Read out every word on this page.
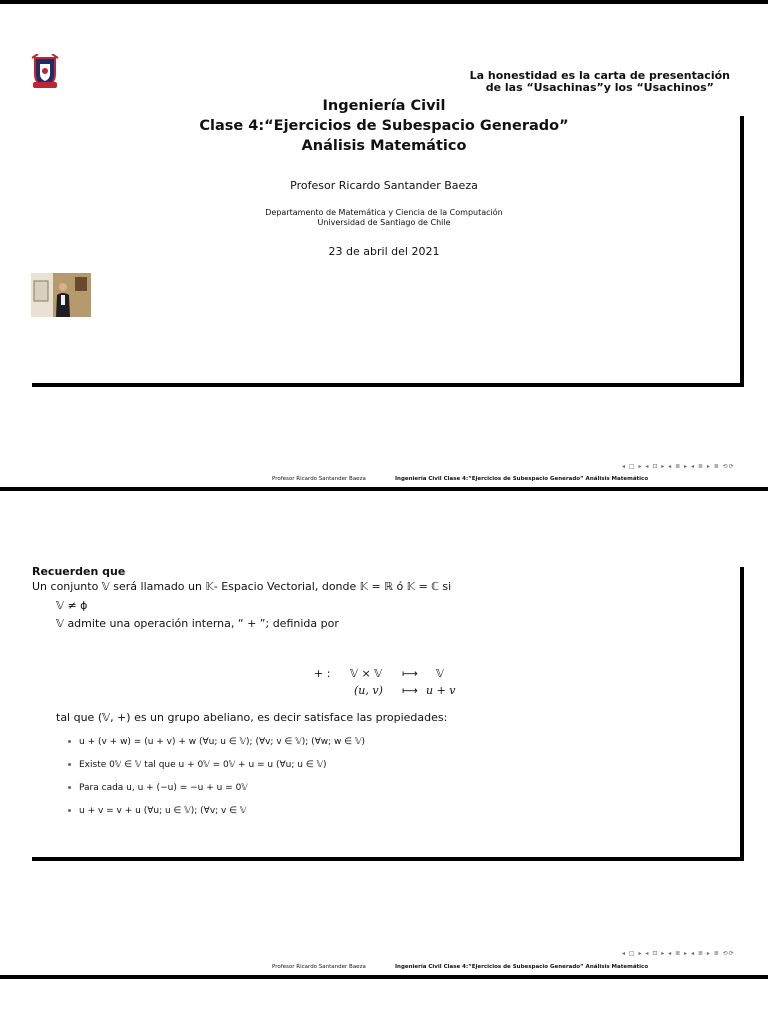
La honestidad es la carta de presentación
de las “Usachinas”y los “Usachinos”
Ingeniería Civil
Clase 4:“Ejercicios de Subespacio Generado”
Análisis Matemático
Profesor Ricardo Santander Baeza
Departamento de Matemática y Ciencia de la Computación
Universidad de Santiago de Chile
23 de abril del 2021
◂ □ ▸ ◂ ⊡ ▸ ◂ ≣ ▸ ◂ ≣ ▸ ≣ ⟲⟳
Profesor Ricardo Santander Baeza	Ingeniería Civil Clase 4:“Ejercicios de Subespacio Generado” Análisis Matemático
Recuerden que
Un conjunto 𝕍 será llamado un 𝕂- Espacio Vectorial, donde 𝕂 = ℝ ó 𝕂 = ℂ si
𝕍 ≠ ϕ
𝕍 admite una operación interna, “ + ”; definida por
+ : 𝕍 × 𝕍 ⟼ 𝕍
(u, v) ⟼ u + v
tal que (𝕍, +) es un grupo abeliano, es decir satisface las propiedades:
u + (v + w) = (u + v) + w (∀u; u ∈ 𝕍); (∀v; v ∈ 𝕍); (∀w; w ∈ 𝕍)
Existe 0𝕍 ∈ 𝕍 tal que u + 0𝕍 = 0𝕍 + u = u (∀u; u ∈ 𝕍)
Para cada u, u + (−u) = −u + u = 0𝕍
u + v = v + u (∀u; u ∈ 𝕍); (∀v; v ∈ 𝕍
◂ □ ▸ ◂ ⊡ ▸ ◂ ≣ ▸ ◂ ≣ ▸ ≣ ⟲⟳
Profesor Ricardo Santander Baeza	Ingeniería Civil Clase 4:“Ejercicios de Subespacio Generado” Análisis Matemático
